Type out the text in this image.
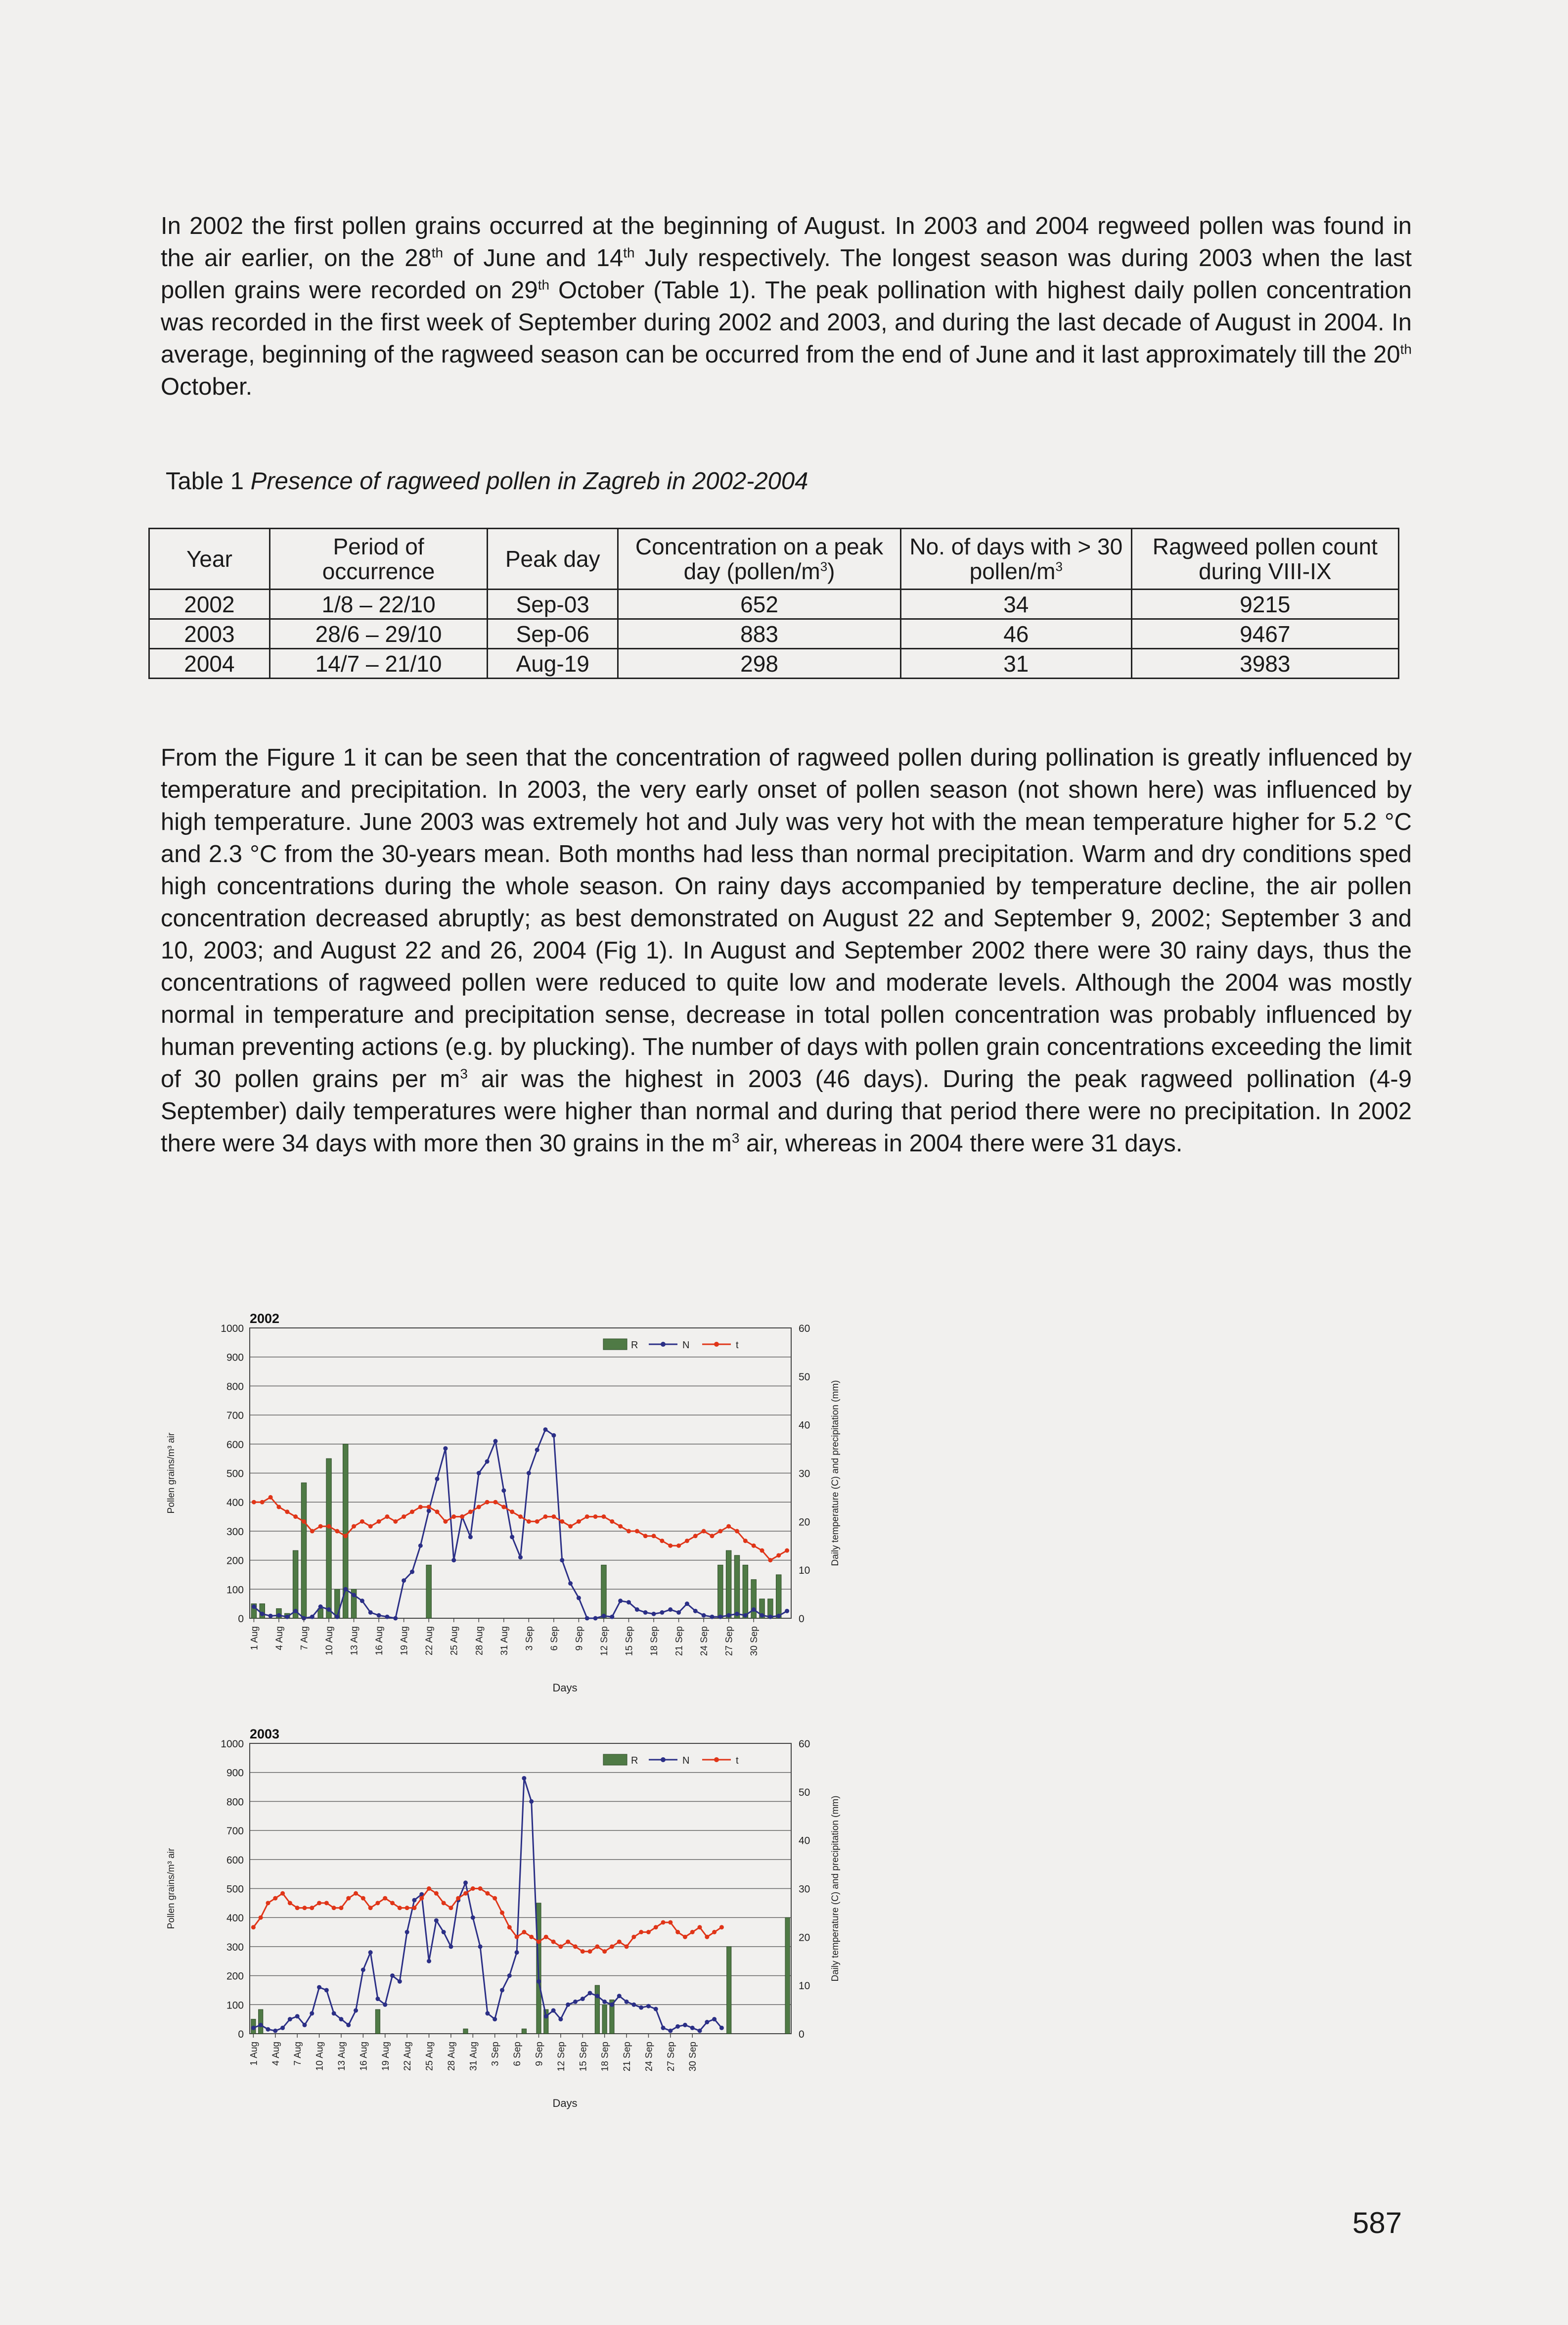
In 2002 the first pollen grains occurred at the beginning of August. In 2003 and 2004 regweed pollen was found in the air earlier, on the 28th of June and 14th July respectively. The longest season was during 2003 when the last pollen grains were recorded on 29th October (Table 1). The peak pollination with highest daily pollen concentration was recorded in the first week of September during 2002 and 2003, and during the last decade of August in 2004. In average, beginning of the ragweed season can be occurred from the end of June and it last approximately till the 20th October.
Table 1 Presence of ragweed pollen in Zagreb in 2002-2004
Year	Period of occurrence	Peak day	Concentration on a peak day $(pollen/m^3)$	No. of days with > 30 pollen/$m^3$	Ragweed pollen count during VIII-IX
2002	1/8 – 22/10	Sep-03	652	34	9215
2003	28/6 – 29/10	Sep-06	883	46	9467
2004	14/7 – 21/10	Aug-19	298	31	3983
From the Figure 1 it can be seen that the concentration of ragweed pollen during pollination is greatly influenced by temperature and precipitation. In 2003, the very early onset of pollen season (not shown here) was influenced by high temperature. June 2003 was extremely hot and July was very hot with the mean temperature higher for 5.2 °C and 2.3 °C from the 30-years mean. Both months had less than normal precipitation. Warm and dry conditions sped high concentrations during the whole season. On rainy days accompanied by temperature decline, the air pollen concentration decreased abruptly; as best demonstrated on August 22 and September 9, 2002; September 3 and 10, 2003; and August 22 and 26, 2004 (Fig 1). In August and September 2002 there were 30 rainy days, thus the concentrations of ragweed pollen were reduced to quite low and moderate levels. Although the 2004 was mostly normal in temperature and precipitation sense, decrease in total pollen concentration was probably influenced by human preventing actions (e.g. by plucking). The number of days with pollen grain concentrations exceeding the limit of 30 pollen grains per $m^3$ air was the highest in 2003 (46 days). During the peak ragweed pollination (4-9 September) daily temperatures were higher than normal and during that period there were no precipitation. In 2002 there were 34 days with more then 30 grains in the $m^3$ air, whereas in 2004 there were 31 days.
0
100
200
300
400
500
600
700
800
900
1000
0
10
20
30
40
50
60
2002
Pollen grains/m³ air	Daily temperature (C) and precipitation (mm)
Days
1 Aug 4 Aug 7 Aug 10 Aug 13 Aug 16 Aug 19 Aug 22 Aug 25 Aug 28 Aug 31 Aug 3 Sep 6 Sep 9 Sep 12 Sep 15 Sep 18 Sep 21 Sep 24 Sep 27 Sep 30 Sep
R	N	t
0
100
200
300
400
500
600
700
800
900
1000
0
10
20
30
40
50
60
2003
Pollen grains/m³ air	Daily temperature (C) and precipitation (mm)
Days
1 Aug 4 Aug 7 Aug 10 Aug 13 Aug 16 Aug 19 Aug 22 Aug 25 Aug 28 Aug 31 Aug 3 Sep 6 Sep 9 Sep 12 Sep 15 Sep 18 Sep 21 Sep 24 Sep 27 Sep 30 Sep
R	N	t
587
